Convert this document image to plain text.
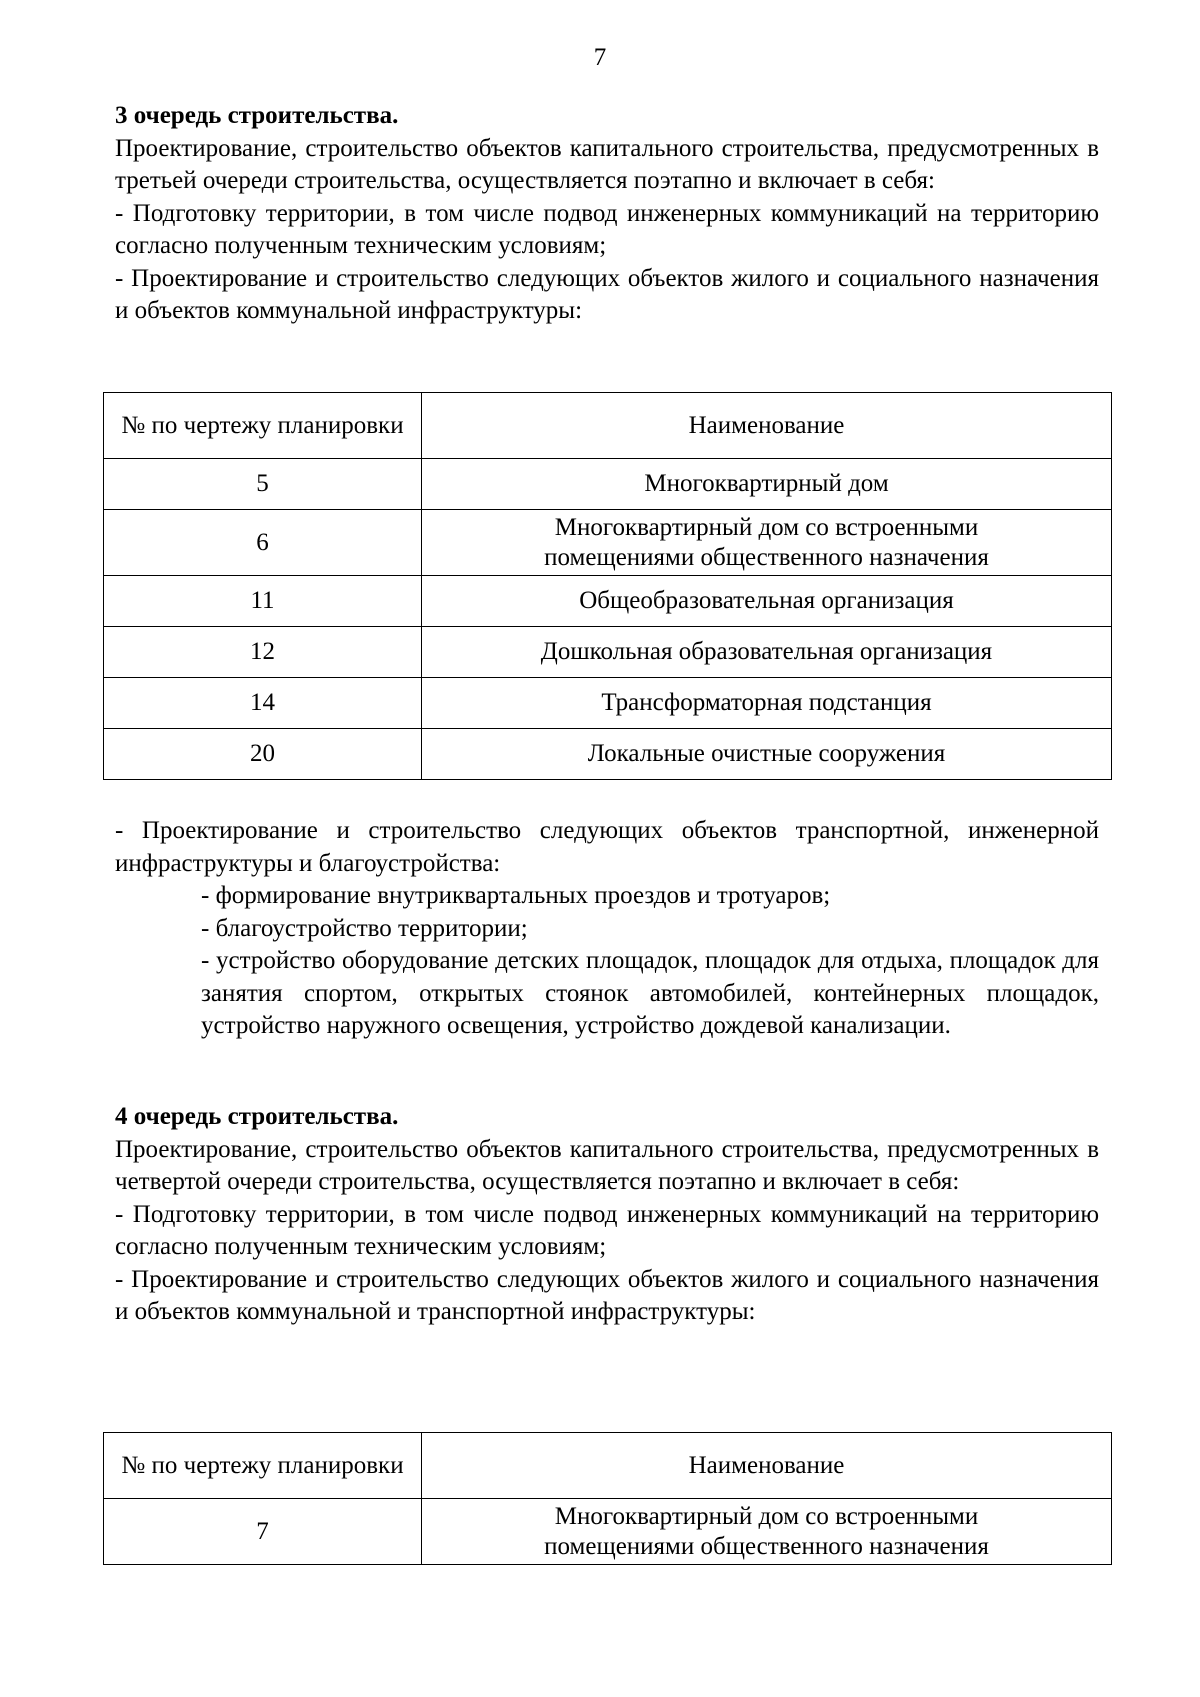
7

3 очередь строительства.

Проектирование, строительство объектов капитального строительства, предусмотренных в третьей очереди строительства, осуществляется поэтапно и включает в себя:

- Подготовку территории, в том числе подвод инженерных коммуникаций на территорию согласно полученным техническим условиям;

- Проектирование и строительство следующих объектов жилого и социального назначения и объектов коммунальной инфраструктуры:

№ по чертежу планировки	Наименование
5	Многоквартирный дом
6	Многоквартирный дом со встроенными помещениями общественного назначения
11	Общеобразовательная организация
12	Дошкольная образовательная организация
14	Трансформаторная подстанция
20	Локальные очистные сооружения

- Проектирование и строительство следующих объектов транспортной, инженерной инфраструктуры и благоустройства:

- формирование внутриквартальных проездов и тротуаров;

- благоустройство территории;

- устройство оборудование детских площадок, площадок для отдыха, площадок для занятия спортом, открытых стоянок автомобилей, контейнерных площадок, устройство наружного освещения, устройство дождевой канализации.

4 очередь строительства.

Проектирование, строительство объектов капитального строительства, предусмотренных в четвертой очереди строительства, осуществляется поэтапно и включает в себя:

- Подготовку территории, в том числе подвод инженерных коммуникаций на территорию согласно полученным техническим условиям;

- Проектирование и строительство следующих объектов жилого и социального назначения и объектов коммунальной и транспортной инфраструктуры:

№ по чертежу планировки	Наименование
7	Многоквартирный дом со встроенными помещениями общественного назначения
